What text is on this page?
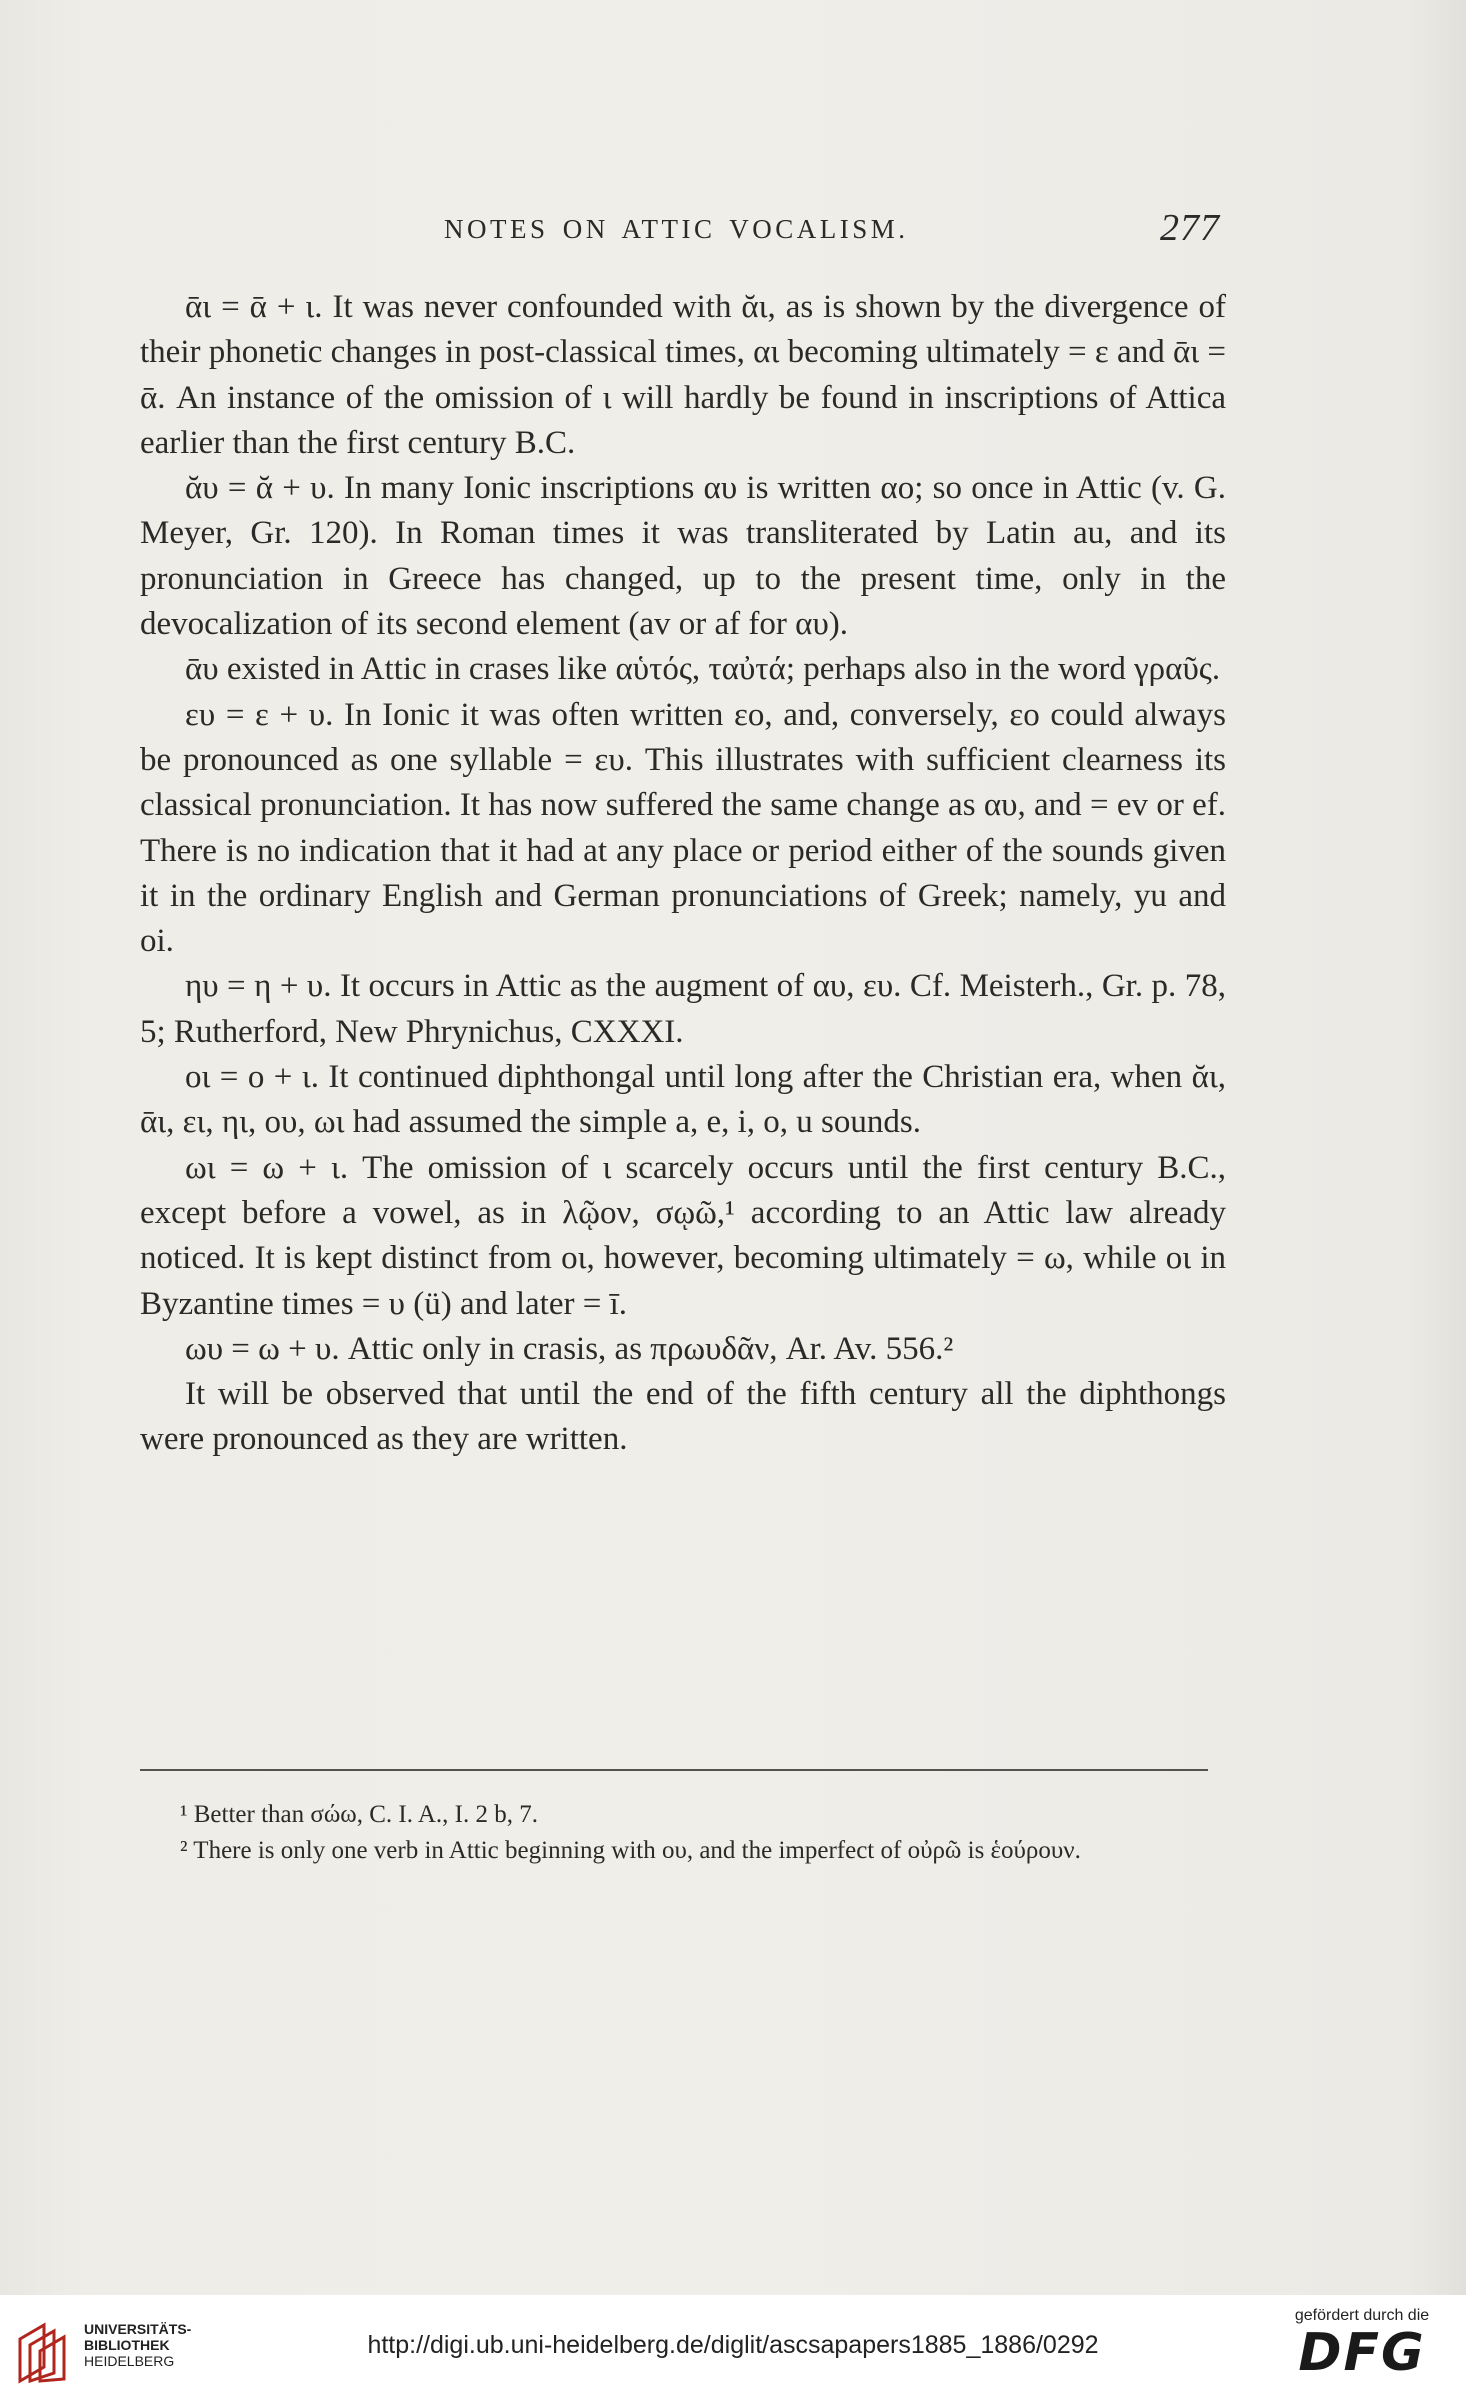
NOTES ON ATTIC VOCALISM.	277

ᾱι = ᾱ + ι. It was never confounded with ᾰι, as is shown by the divergence of their phonetic changes in post-classical times, αι becoming ultimately = ε and ᾱι = ᾱ. An instance of the omission of ι will hardly be found in inscriptions of Attica earlier than the first century B.C.

ᾰυ = ᾰ + υ. In many Ionic inscriptions αυ is written αο; so once in Attic (v. G. Meyer, Gr. 120). In Roman times it was transliterated by Latin au, and its pronunciation in Greece has changed, up to the present time, only in the devocalization of its second element (av or af for αυ).

ᾱυ existed in Attic in crases like αὑτός, ταὐτά; perhaps also in the word γραῦς.

ευ = ε + υ. In Ionic it was often written εο, and, conversely, εο could always be pronounced as one syllable = ευ. This illustrates with sufficient clearness its classical pronunciation. It has now suffered the same change as αυ, and = ev or ef. There is no indication that it had at any place or period either of the sounds given it in the ordinary English and German pronunciations of Greek; namely, yu and oi.

ηυ = η + υ. It occurs in Attic as the augment of αυ, ευ. Cf. Meisterh., Gr. p. 78, 5; Rutherford, New Phrynichus, CXXXI.

οι = ο + ι. It continued diphthongal until long after the Christian era, when ᾰι, ᾱι, ει, ηι, ου, ωι had assumed the simple a, e, i, o, u sounds.

ωι = ω + ι. The omission of ι scarcely occurs until the first century B.C., except before a vowel, as in λῷον, σῳῶ,¹ according to an Attic law already noticed. It is kept distinct from οι, however, becoming ultimately = ω, while οι in Byzantine times = υ (ü) and later = ī.

ωυ = ω + υ. Attic only in crasis, as πρωυδᾶν, Ar. Av. 556.²

It will be observed that until the end of the fifth century all the diphthongs were pronounced as they are written.

¹ Better than σώω, C. I. A., I. 2 b, 7.

² There is only one verb in Attic beginning with ου, and the imperfect of οὐρῶ is ἑούρουν.

UNIVERSITÄTS-
BIBLIOTHEK
HEIDELBERG
http://digi.ub.uni-heidelberg.de/diglit/ascsapapers1885_1886/0292
gefördert durch die
DFG
